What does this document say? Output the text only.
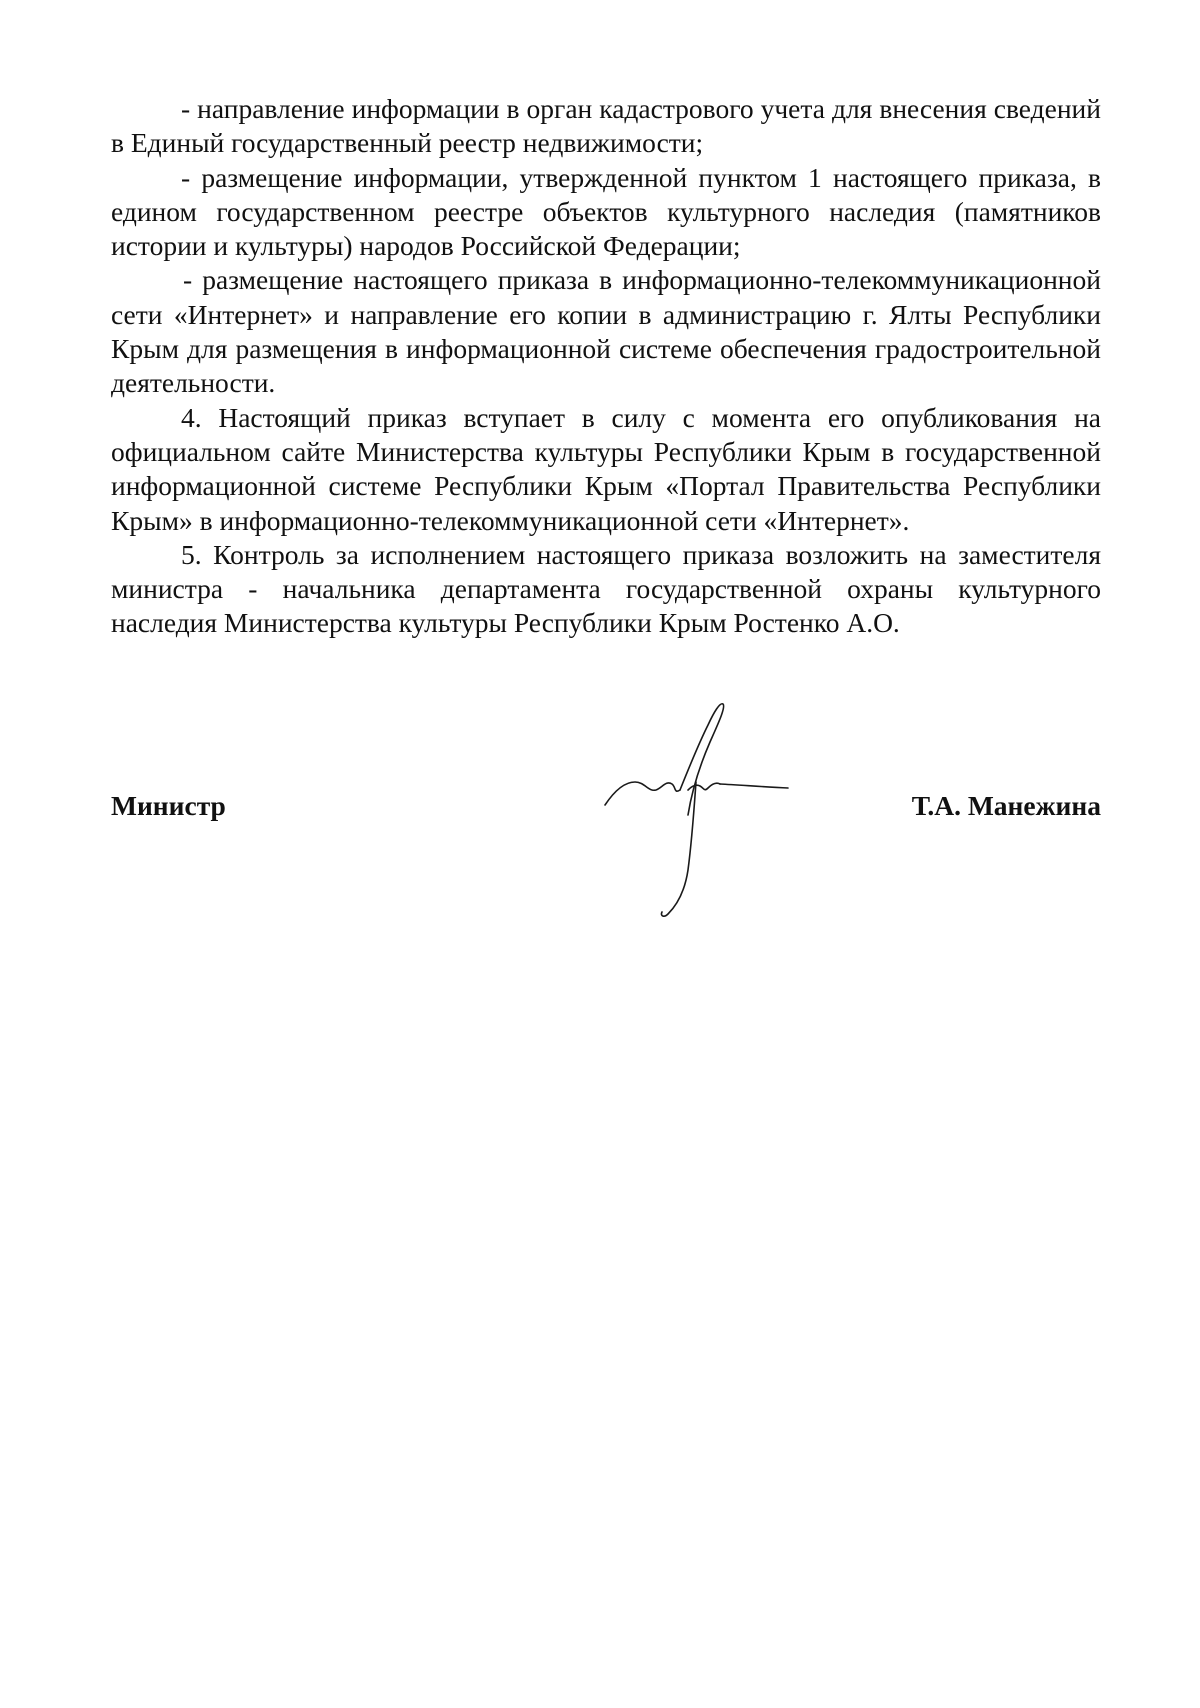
- направление информации в орган кадастрового учета для внесения сведений в Единый государственный реестр недвижимости;

- размещение информации, утвержденной пунктом 1 настоящего приказа, в едином государственном реестре объектов культурного наследия (памятников истории и культуры) народов Российской Федерации;

- размещение настоящего приказа в информационно-телекоммуникационной сети «Интернет» и направление его копии в администрацию г. Ялты Республики Крым для размещения в информационной системе обеспечения градостроительной деятельности.

4. Настоящий приказ вступает в силу с момента его опубликования на официальном сайте Министерства культуры Республики Крым в государственной информационной системе Республики Крым «Портал Правительства Республики Крым» в информационно-телекоммуникационной сети «Интернет».

5. Контроль за исполнением настоящего приказа возложить на заместителя министра - начальника департамента государственной охраны культурного наследия Министерства культуры Республики Крым Ростенко А.О.

Министр	Т.А. Манежина
